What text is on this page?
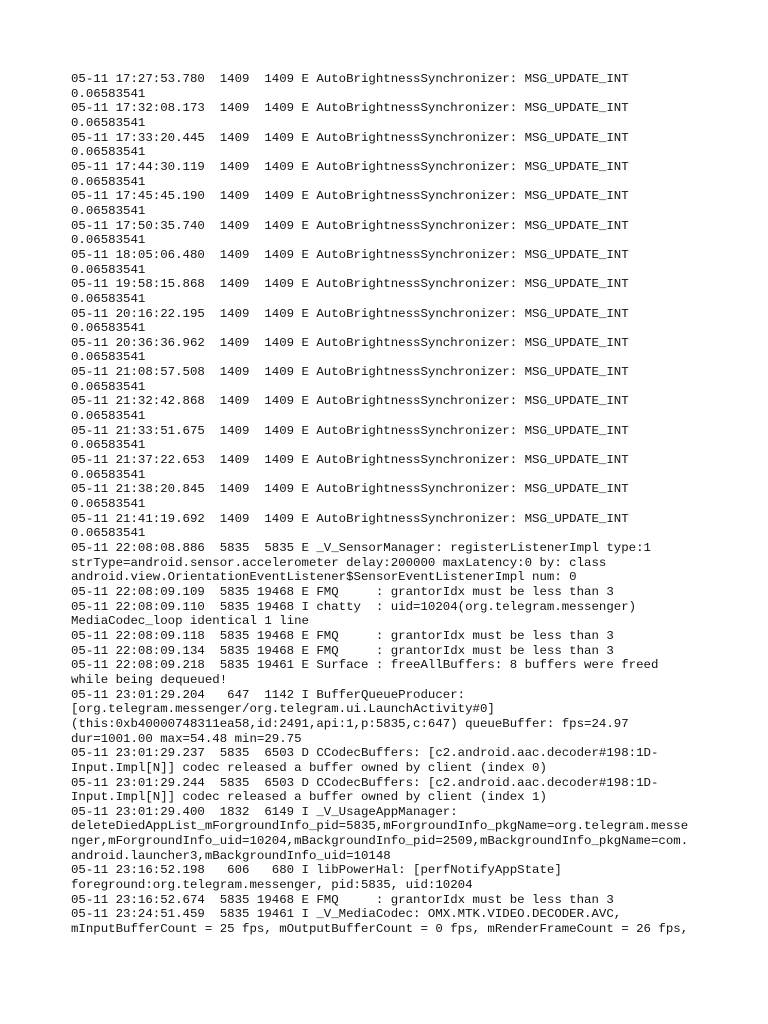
05-11 17:27:53.780  1409  1409 E AutoBrightnessSynchronizer: MSG_UPDATE_INT
0.06583541
05-11 17:32:08.173  1409  1409 E AutoBrightnessSynchronizer: MSG_UPDATE_INT
0.06583541
05-11 17:33:20.445  1409  1409 E AutoBrightnessSynchronizer: MSG_UPDATE_INT
0.06583541
05-11 17:44:30.119  1409  1409 E AutoBrightnessSynchronizer: MSG_UPDATE_INT
0.06583541
05-11 17:45:45.190  1409  1409 E AutoBrightnessSynchronizer: MSG_UPDATE_INT
0.06583541
05-11 17:50:35.740  1409  1409 E AutoBrightnessSynchronizer: MSG_UPDATE_INT
0.06583541
05-11 18:05:06.480  1409  1409 E AutoBrightnessSynchronizer: MSG_UPDATE_INT
0.06583541
05-11 19:58:15.868  1409  1409 E AutoBrightnessSynchronizer: MSG_UPDATE_INT
0.06583541
05-11 20:16:22.195  1409  1409 E AutoBrightnessSynchronizer: MSG_UPDATE_INT
0.06583541
05-11 20:36:36.962  1409  1409 E AutoBrightnessSynchronizer: MSG_UPDATE_INT
0.06583541
05-11 21:08:57.508  1409  1409 E AutoBrightnessSynchronizer: MSG_UPDATE_INT
0.06583541
05-11 21:32:42.868  1409  1409 E AutoBrightnessSynchronizer: MSG_UPDATE_INT
0.06583541
05-11 21:33:51.675  1409  1409 E AutoBrightnessSynchronizer: MSG_UPDATE_INT
0.06583541
05-11 21:37:22.653  1409  1409 E AutoBrightnessSynchronizer: MSG_UPDATE_INT
0.06583541
05-11 21:38:20.845  1409  1409 E AutoBrightnessSynchronizer: MSG_UPDATE_INT
0.06583541
05-11 21:41:19.692  1409  1409 E AutoBrightnessSynchronizer: MSG_UPDATE_INT
0.06583541
05-11 22:08:08.886  5835  5835 E _V_SensorManager: registerListenerImpl type:1
strType=android.sensor.accelerometer delay:200000 maxLatency:0 by: class
android.view.OrientationEventListener$SensorEventListenerImpl num: 0
05-11 22:08:09.109  5835 19468 E FMQ     : grantorIdx must be less than 3
05-11 22:08:09.110  5835 19468 I chatty  : uid=10204(org.telegram.messenger)
MediaCodec_loop identical 1 line
05-11 22:08:09.118  5835 19468 E FMQ     : grantorIdx must be less than 3
05-11 22:08:09.134  5835 19468 E FMQ     : grantorIdx must be less than 3
05-11 22:08:09.218  5835 19461 E Surface : freeAllBuffers: 8 buffers were freed
while being dequeued!
05-11 23:01:29.204   647  1142 I BufferQueueProducer:
[org.telegram.messenger/org.telegram.ui.LaunchActivity#0]
(this:0xb40000748311ea58,id:2491,api:1,p:5835,c:647) queueBuffer: fps=24.97
dur=1001.00 max=54.48 min=29.75
05-11 23:01:29.237  5835  6503 D CCodecBuffers: [c2.android.aac.decoder#198:1D-
Input.Impl[N]] codec released a buffer owned by client (index 0)
05-11 23:01:29.244  5835  6503 D CCodecBuffers: [c2.android.aac.decoder#198:1D-
Input.Impl[N]] codec released a buffer owned by client (index 1)
05-11 23:01:29.400  1832  6149 I _V_UsageAppManager:
deleteDiedAppList_mForgroundInfo_pid=5835,mForgroundInfo_pkgName=org.telegram.messe
nger,mForgroundInfo_uid=10204,mBackgroundInfo_pid=2509,mBackgroundInfo_pkgName=com.
android.launcher3,mBackgroundInfo_uid=10148
05-11 23:16:52.198   606   680 I libPowerHal: [perfNotifyAppState]
foreground:org.telegram.messenger, pid:5835, uid:10204
05-11 23:16:52.674  5835 19468 E FMQ     : grantorIdx must be less than 3
05-11 23:24:51.459  5835 19461 I _V_MediaCodec: OMX.MTK.VIDEO.DECODER.AVC,
mInputBufferCount = 25 fps, mOutputBufferCount = 0 fps, mRenderFrameCount = 26 fps,
